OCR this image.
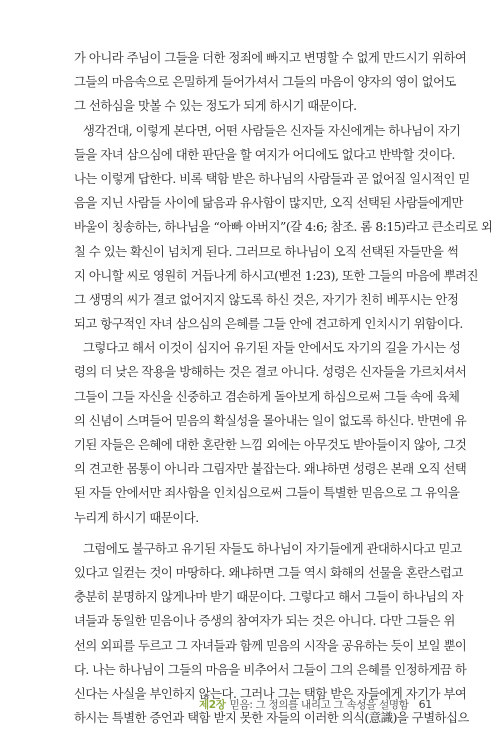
가 아니라 주님이 그들을 더한 정죄에 빠지고 변명할 수 없게 만드시기 위하여
그들의 마음속으로 은밀하게 들어가셔서 그들의 마음이 양자의 영이 없어도
그 선하심을 맛볼 수 있는 정도가 되게 하시기 때문이다.

생각건대, 이렇게 본다면, 어떤 사람들은 신자들 자신에게는 하나님이 자기
들을 자녀 삼으심에 대한 판단을 할 여지가 어디에도 없다고 반박할 것이다.
나는 이렇게 답한다. 비록 택함 받은 하나님의 사람들과 곧 없어질 일시적인 믿
음을 지닌 사람들 사이에 닮음과 유사함이 많지만, 오직 선택된 사람들에게만
바울이 칭송하는, 하나님을 “아빠 아버지”(갈 4:6; 참조. 롬 8:15)라고 큰소리로 외
칠 수 있는 확신이 넘치게 된다. 그러므로 하나님이 오직 선택된 자들만을 썩
지 아니할 씨로 영원히 거듭나게 하시고(벧전 1:23), 또한 그들의 마음에 뿌려진
그 생명의 씨가 결코 없어지지 않도록 하신 것은, 자기가 친히 베푸시는 안정
되고 항구적인 자녀 삼으심의 은혜를 그들 안에 견고하게 인치시기 위함이다.

그렇다고 해서 이것이 심지어 유기된 자들 안에서도 자기의 길을 가시는 성
령의 더 낮은 작용을 방해하는 것은 결코 아니다. 성령은 신자들을 가르치셔서
그들이 그들 자신을 신중하고 겸손하게 돌아보게 하심으로써 그들 속에 육체
의 신념이 스며들어 믿음의 확실성을 몰아내는 일이 없도록 하신다. 반면에 유
기된 자들은 은혜에 대한 혼란한 느낌 외에는 아무것도 받아들이지 않아, 그것
의 견고한 몸통이 아니라 그림자만 붙잡는다. 왜냐하면 성령은 본래 오직 선택
된 자들 안에서만 죄사함을 인치심으로써 그들이 특별한 믿음으로 그 유익을
누리게 하시기 때문이다.

그럼에도 불구하고 유기된 자들도 하나님이 자기들에게 관대하시다고 믿고
있다고 일컫는 것이 마땅하다. 왜냐하면 그들 역시 화해의 선물을 혼란스럽고
충분히 분명하지 않게나마 받기 때문이다. 그렇다고 해서 그들이 하나님의 자
녀들과 동일한 믿음이나 증생의 참여자가 되는 것은 아니다. 다만 그들은 위
선의 외피를 두르고 그 자녀들과 함께 믿음의 시작을 공유하는 듯이 보일 뿐이
다. 나는 하나님이 그들의 마음을 비추어서 그들이 그의 은혜를 인정하게끔 하
신다는 사실을 부인하지 않는다. 그러나 그는 택함 받은 자들에게 자기가 부여
하시는 특별한 증언과 택함 받지 못한 자들의 이러한 의식(意識)을 구별하십으

제2장 믿음: 그 정의를 내리고 그 속성을 설명함 61
